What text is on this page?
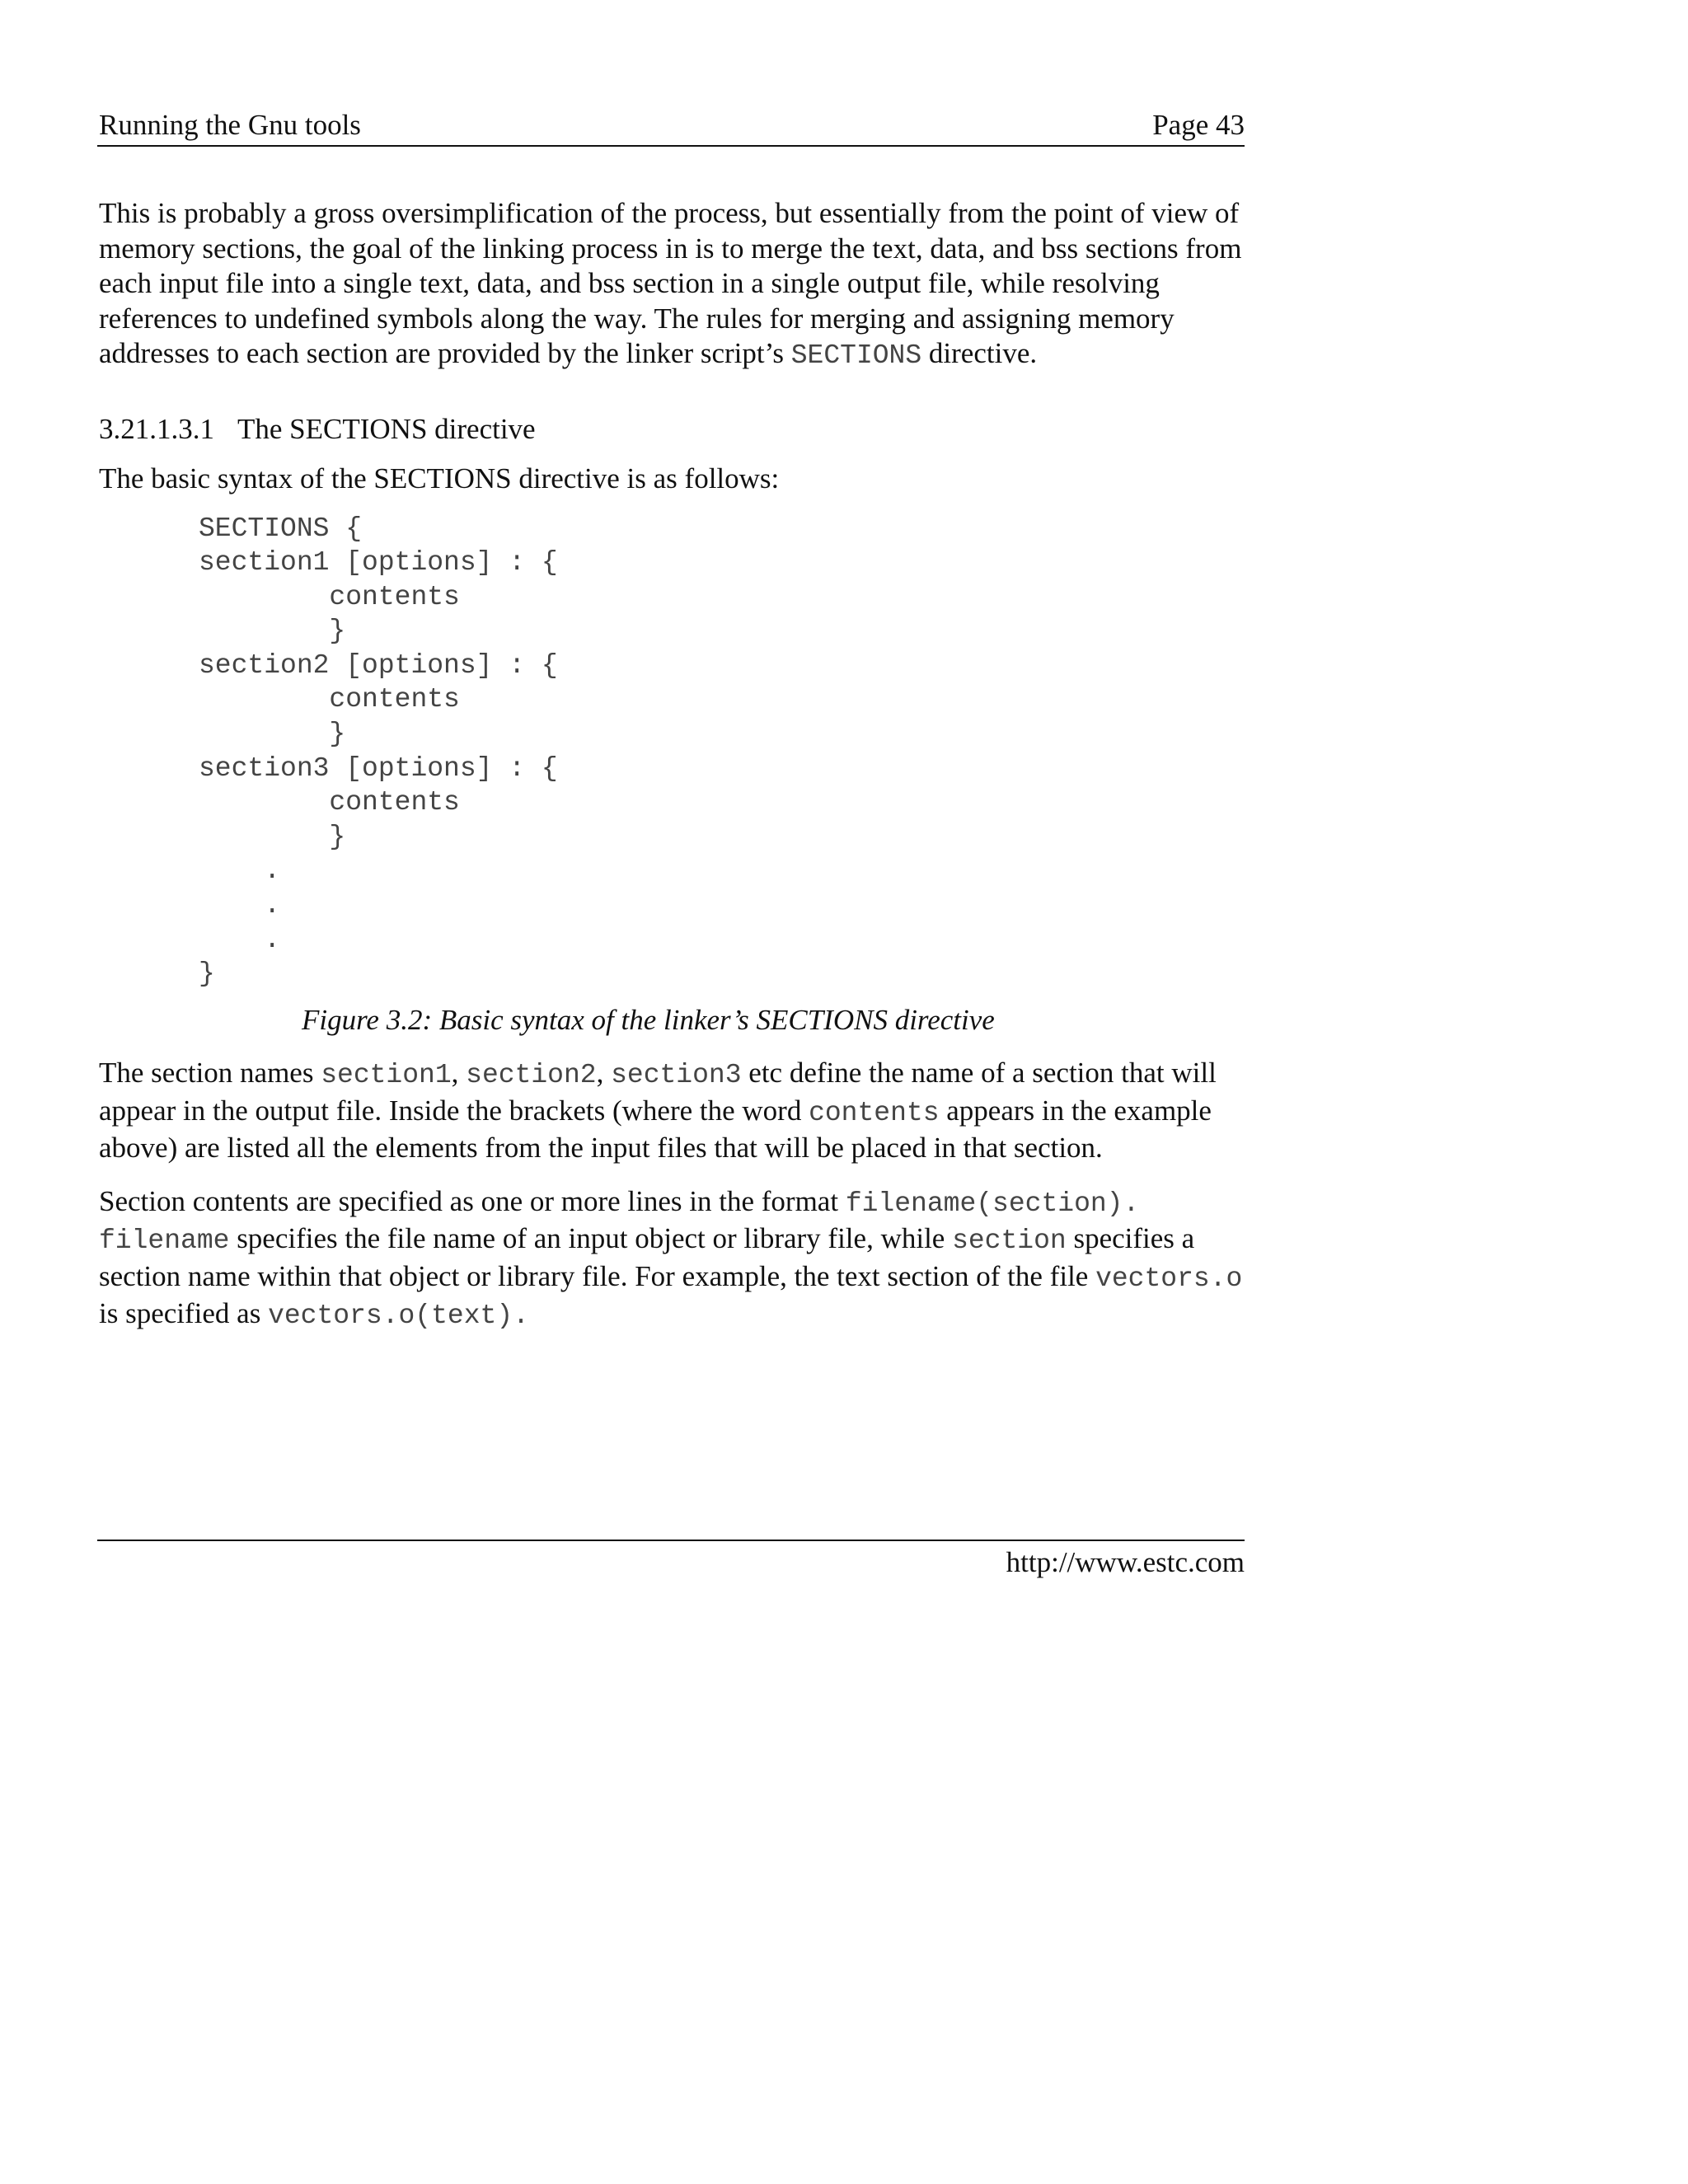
Running the Gnu tools	Page 43

This is probably a gross oversimplification of the process, but essentially from the point of view of memory sections, the goal of the linking process in is to merge the text, data, and bss sections from each input file into a single text, data, and bss section in a single output file, while resolving references to undefined symbols along the way. The rules for merging and assigning memory addresses to each section are provided by the linker script’s SECTIONS directive.

3.21.1.3.1 The SECTIONS directive

The basic syntax of the SECTIONS directive is as follows:

SECTIONS {
section1 [options] : {
contents
}
section2 [options] : {
contents
}
section3 [options] : {
contents
}
.
.
.
}

Figure 3.2: Basic syntax of the linker’s SECTIONS directive

The section names section1, section2, section3 etc define the name of a section that will appear in the output file. Inside the brackets (where the word contents appears in the example above) are listed all the elements from the input files that will be placed in that section.

Section contents are specified as one or more lines in the format filename(section). filename specifies the file name of an input object or library file, while section specifies a section name within that object or library file. For example, the text section of the file vectors.o is specified as vectors.o(text).

http://www.estc.com
